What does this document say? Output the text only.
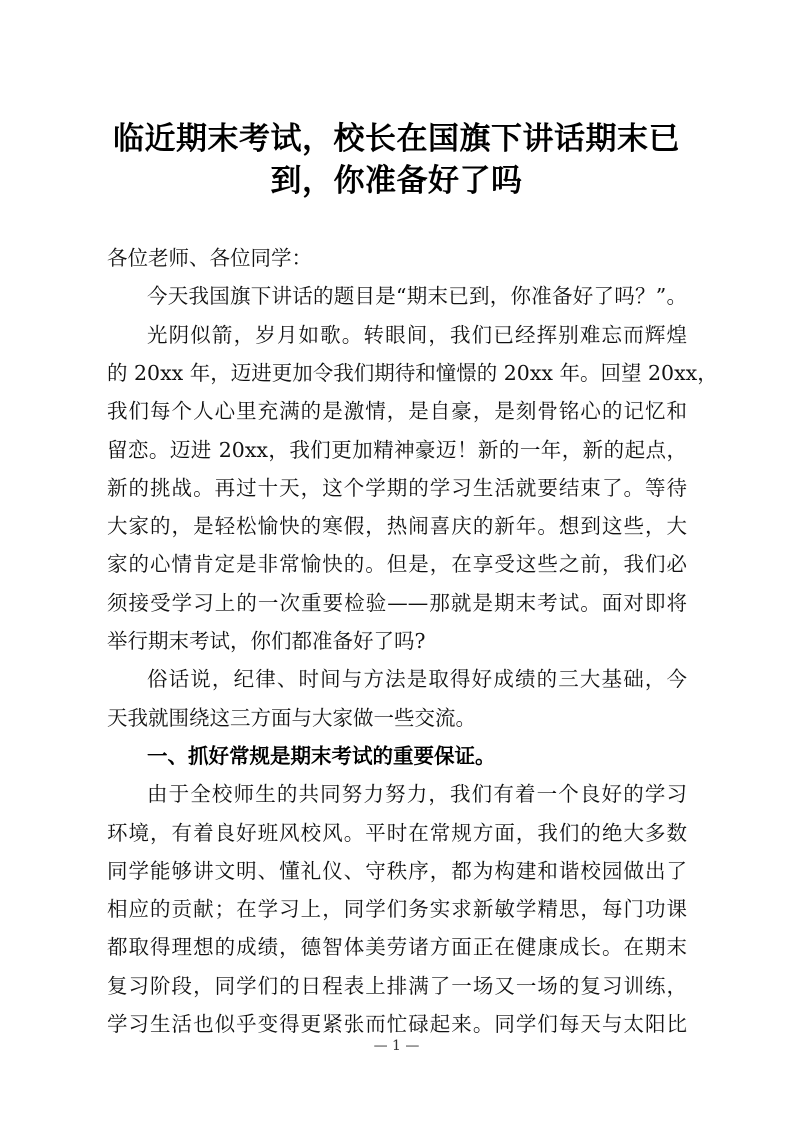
临近期末考试，校长在国旗下讲话期末已
到，你准备好了吗
各位老师、各位同学：
今天我国旗下讲话的题目是“期末已到，你准备好了吗？”。
光阴似箭，岁月如歌。转眼间，我们已经挥别难忘而辉煌
的 20xx 年，迈进更加令我们期待和憧憬的 20xx 年。回望 20xx，
我们每个人心里充满的是激情，是自豪，是刻骨铭心的记忆和
留恋。迈进 20xx，我们更加精神豪迈！新的一年，新的起点，
新的挑战。再过十天，这个学期的学习生活就要结束了。等待
大家的，是轻松愉快的寒假，热闹喜庆的新年。想到这些，大
家的心情肯定是非常愉快的。但是，在享受这些之前，我们必
须接受学习上的一次重要检验——那就是期末考试。面对即将
举行期末考试，你们都准备好了吗?
俗话说，纪律、时间与方法是取得好成绩的三大基础，今
天我就围绕这三方面与大家做一些交流。
一、抓好常规是期末考试的重要保证。
由于全校师生的共同努力努力，我们有着一个良好的学习
环境，有着良好班风校风。平时在常规方面，我们的绝大多数
同学能够讲文明、懂礼仪、守秩序，都为构建和谐校园做出了
相应的贡献；在学习上，同学们务实求新敏学精思，每门功课
都取得理想的成绩，德智体美劳诸方面正在健康成长。在期末
复习阶段，同学们的日程表上排满了一场又一场的复习训练，
学习生活也似乎变得更紧张而忙碌起来。同学们每天与太阳比
— 1 —
